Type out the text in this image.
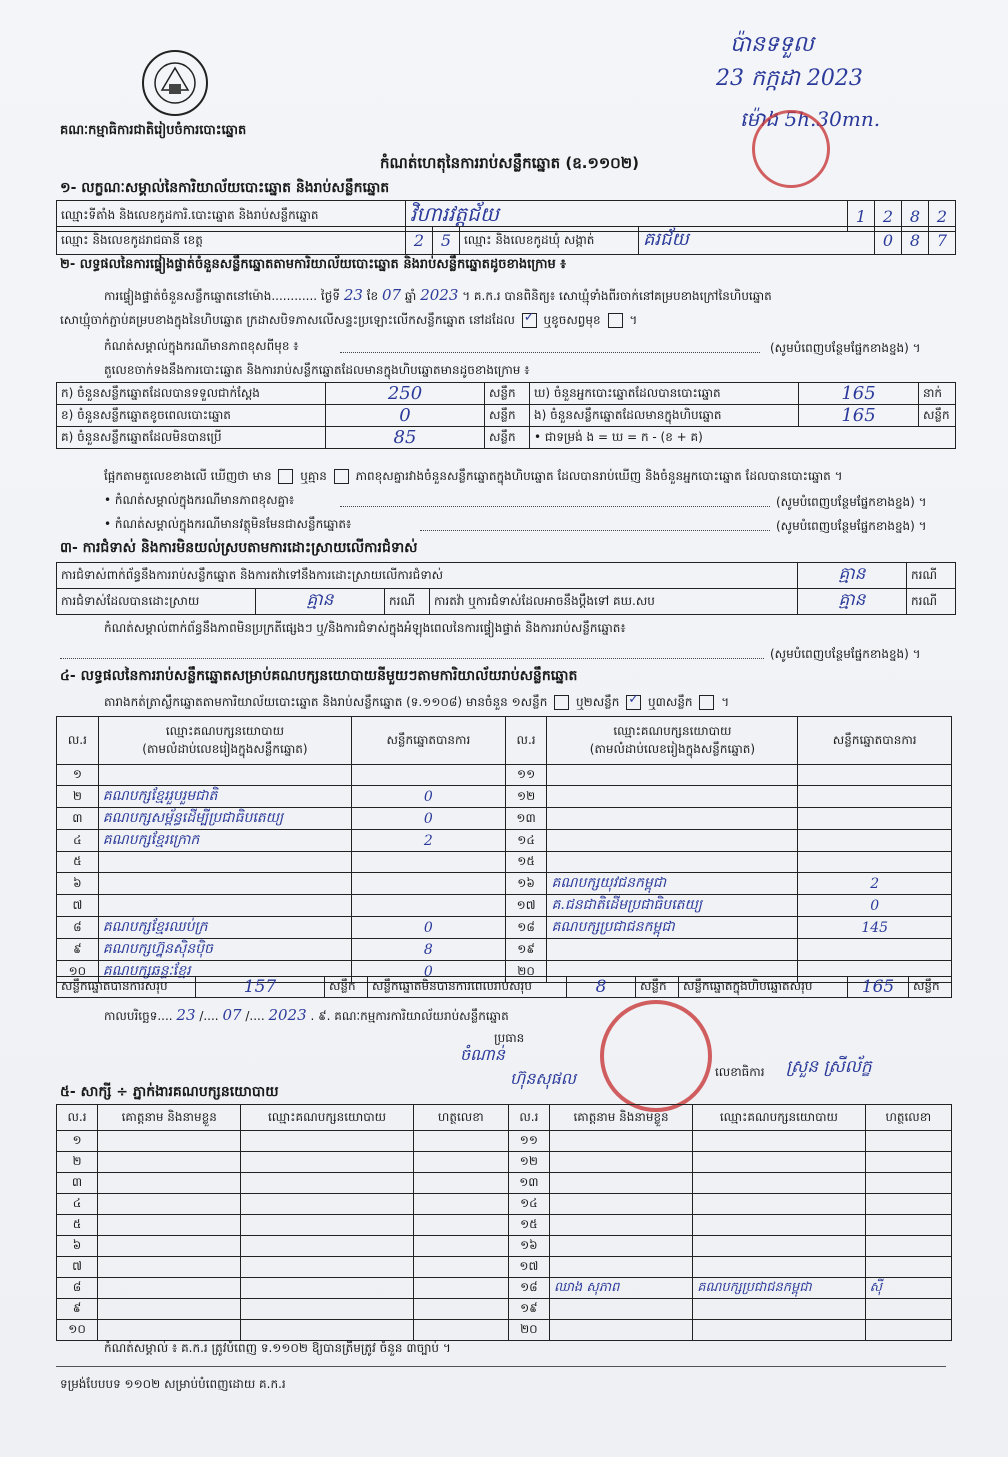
គណៈកម្មាធិការជាតិរៀបចំការបោះឆ្នោត
ប៉ានទទួល
23 កក្កដា 2023
ម៉ោង 5h.30mn.
កំណត់ហេតុនៃការរាប់សន្លឹកឆ្នោត (ឧ.១១០២)
១- លក្ខណៈសម្គាល់នៃការិយាល័យបោះឆ្នោត និងរាប់សន្លឹកឆ្នោត
ឈ្មោះទីតាំង និងលេខកូដការិ.បោះឆ្នោត និងរាប់សន្លឹកឆ្នោត	វិហារវត្តជ័យ	1	2	8	2
ឈ្មោះ និងលេខកូដរាជធានី ខេត្ត	2	5	ឈ្មោះ និងលេខកូដឃុំ សង្កាត់	គរជ័យ	0	8	7
២- លទ្ធផលនៃការផ្ទៀងផ្ទាត់ចំនួនសន្លឹកឆ្នោតតាមការិយាល័យបោះឆ្នោត និងរាប់សន្លឹកឆ្នោតដូចខាងក្រោម ៖
ការផ្ទៀងផ្ទាត់ចំនួនសន្លឹកឆ្នោតនៅម៉ោង............ ថ្ងៃទី 23 ខែ 07 ឆ្នាំ 2023 ។ គ.ក.រ បានពិនិត្យ៖ សោឃ្មុំទាំងពីរចាក់នៅគម្របខាងក្រៅនៃហិបឆ្នោត
សោឃ្មុំចាក់ភ្ជាប់គម្របខាងក្នុងនៃហិបឆ្នោត ក្រដាសបិទភាសលើសន្ទះប្រឡោះលើកសន្លឹកឆ្នោត នៅដដែល ✓ ឬខូចសព្វមុខ  ។
កំណត់សម្គាល់ក្នុងករណីមានភាពខុសពីមុខ ៖	(សូមបំពេញបន្ថែមផ្នែកខាងខ្នង) ។
តួលេខចាក់ទងនឹងការបោះឆ្នោត និងការរាប់សន្លឹកឆ្នោតដែលមានក្នុងហិបឆ្នោតមានដូចខាងក្រោម ៖
ក) ចំនួនសន្លឹកឆ្នោតដែលបានទទួលជាក់ស្តែង	250	សន្លឹក	ឃ) ចំនួនអ្នកបោះឆ្នោតដែលបានបោះឆ្នោត	165	នាក់
ខ) ចំនួនសន្លឹកឆ្នោតខូចពេលបោះឆ្នោត	0	សន្លឹក	ង) ចំនួនសន្លឹកឆ្នោតដែលមានក្នុងហិបឆ្នោត	165	សន្លឹក
គ) ចំនួនសន្លឹកឆ្នោតដែលមិនបានប្រើ	85	សន្លឹក	• ជាទម្រង់ ង = ឃ = ក - (ខ + គ)		
ផ្អែកតាមតួលេខខាងលើ ឃើញថា មាន ឬគ្មាន ភាពខុសគ្នារវាងចំនួនសន្លឹកឆ្នោតក្នុងហិបឆ្នោត ដែលបានរាប់ឃើញ និងចំនួនអ្នកបោះឆ្នោត ដែលបានបោះឆ្នោត ។
• កំណត់សម្គាល់ក្នុងករណីមានភាពខុសគ្នា៖	(សូមបំពេញបន្ថែមផ្នែកខាងខ្នង) ។
• កំណត់សម្គាល់ក្នុងករណីមានវត្ថុមិនមែនជាសន្លឹកឆ្នោត៖	(សូមបំពេញបន្ថែមផ្នែកខាងខ្នង) ។
៣- ការជំទាស់ និងការមិនយល់ស្របតាមការដោះស្រាយលើការជំទាស់
ការជំទាស់ពាក់ព័ន្ធនឹងការរាប់សន្លឹកឆ្នោត និងការតវ៉ាទៅនឹងការដោះស្រាយលើការជំទាស់				គ្មាន	ករណី
ការជំទាស់ដែលបានដោះស្រាយ	គ្មាន	ករណី	ការតវ៉ា ឬការជំទាស់ដែលអាចនឹងប្តឹងទៅ គឃ.សប	គ្មាន	ករណី
កំណត់សម្គាល់ពាក់ព័ន្ធនឹងភាពមិនប្រក្រតីផ្សេងៗ ឬ/និងការជំទាស់ក្នុងអំឡុងពេលនៃការផ្ទៀងផ្ទាត់ និងការរាប់សន្លឹកឆ្នោត៖
(សូមបំពេញបន្ថែមផ្នែកខាងខ្នង) ។
៤- លទ្ធផលនៃការរាប់សន្លឹកឆ្នោតសម្រាប់គណបក្សនយោបាយនីមួយៗតាមការិយាល័យរាប់សន្លឹកឆ្នោត
តារាងកត់ត្រាស្លឹកឆ្នោតតាមការិយាល័យបោះឆ្នោត និងរាប់សន្លឹកឆ្នោត (ទ.១១០៨) មានចំនួន ១សន្លឹក ឬ២សន្លឹក ✓ ឬ៣សន្លឹក  ។
ល.រ	ឈ្មោះគណបក្សនយោបាយ
(តាមលំដាប់លេខរៀងក្នុងសន្លឹកឆ្នោត)	សន្លឹកឆ្នោតបានការ	ល.រ	ឈ្មោះគណបក្សនយោបាយ
(តាមលំដាប់លេខរៀងក្នុងសន្លឹកឆ្នោត)	សន្លឹកឆ្នោតបានការ
១			១១		
២	គណបក្សខ្មែររួបរួមជាតិ	0	១២		
៣	គណបក្សសម្ព័ន្ធដើម្បីប្រជាធិបតេយ្យ	0	១៣		
៤	គណបក្សខ្មែរក្រោក	2	១៤		
៥			១៥		
៦			១៦	គណបក្សយុវជនកម្ពុជា	2
៧			១៧	គ.ជនជាតិដើមប្រជាធិបតេយ្យ	0
៨	គណបក្សខ្មែរឈប់ក្រ	0	១៨	គណបក្សប្រជាជនកម្ពុជា	145
៩	គណបក្សហ្វ៊ុនស៊ិនប៉ិច	8	១៩		
១០	គណបក្សឆន្ទៈខ្មែរ	0	២០		
សន្លឹកឆ្នោតបានការសរុប	157	សន្លឹក	សន្លឹកឆ្នោតមិនបានការពេលរាប់សរុប	8	សន្លឹក	សន្លឹកឆ្នោតក្នុងហិបឆ្នោតសរុប	165	សន្លឹក
កាលបរិច្ឆេទ.... 23 /.... 07 /.... 2023 . ៩. គណៈកម្មការការិយាល័យរាប់សន្លឹកឆ្នោត
ប្រធាន
ចំណាន់
ហ៊ុនសុផល	លេខាធិការ ស្រួន ស្រីល័ក្ខ
៥- សាក្សី ÷ ភ្នាក់ងារគណបក្សនយោបាយ
ល.រ	គោត្តនាម និងនាមខ្លួន	ឈ្មោះគណបក្សនយោបាយ	ហត្ថលេខា	ល.រ	គោត្តនាម និងនាមខ្លួន	ឈ្មោះគណបក្សនយោបាយ	ហត្ថលេខា
១				១១			
២				១២			
៣				១៣			
៤				១៤			
៥				១៥			
៦				១៦			
៧				១៧			
៨				១៨	ឈាង សុភាព	គណបក្សប្រជាជនកម្ពុជា	ស៊ី
៩				១៩			
១០				២០			
កំណត់សម្គាល់ ៖ គ.ក.រ ត្រូវបំពេញ ទ.១១០២ ឱ្យបានត្រឹមត្រូវ ចំនួន ៣ច្បាប់ ។
ទម្រង់បែបបទ ១១០២ សម្រាប់បំពេញដោយ គ.ក.រ
